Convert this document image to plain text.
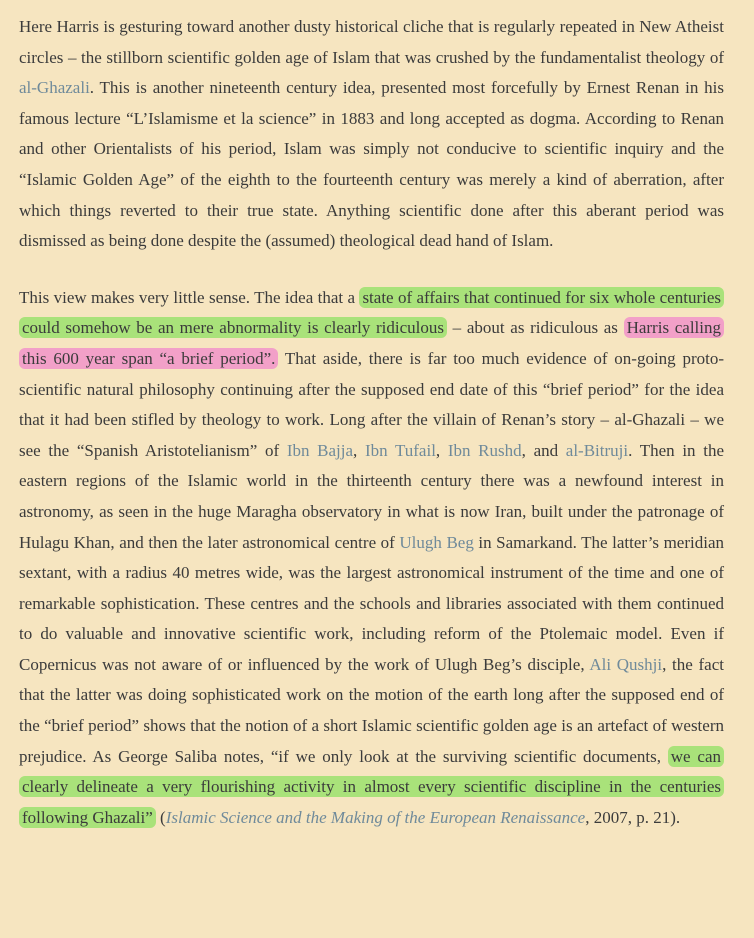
Here Harris is gesturing toward another dusty historical cliche that is regularly repeated in New Atheist circles – the stillborn scientific golden age of Islam that was crushed by the fundamentalist theology of al-Ghazali. This is another nineteenth century idea, presented most forcefully by Ernest Renan in his famous lecture “L’Islamisme et la science” in 1883 and long accepted as dogma. According to Renan and other Orientalists of his period, Islam was simply not conducive to scientific inquiry and the “Islamic Golden Age” of the eighth to the fourteenth century was merely a kind of aberration, after which things reverted to their true state. Anything scientific done after this aberant period was dismissed as being done despite the (assumed) theological dead hand of Islam.

This view makes very little sense. The idea that a state of affairs that continued for six whole centuries could somehow be an mere abnormality is clearly ridiculous – about as ridiculous as Harris calling this 600 year span “a brief period”. That aside, there is far too much evidence of on-going proto-scientific natural philosophy continuing after the supposed end date of this “brief period” for the idea that it had been stifled by theology to work. Long after the villain of Renan’s story – al-Ghazali – we see the “Spanish Aristotelianism” of Ibn Bajja, Ibn Tufail, Ibn Rushd, and al-Bitruji. Then in the eastern regions of the Islamic world in the thirteenth century there was a newfound interest in astronomy, as seen in the huge Maragha observatory in what is now Iran, built under the patronage of Hulagu Khan, and then the later astronomical centre of Ulugh Beg in Samarkand. The latter’s meridian sextant, with a radius 40 metres wide, was the largest astronomical instrument of the time and one of remarkable sophistication. These centres and the schools and libraries associated with them continued to do valuable and innovative scientific work, including reform of the Ptolemaic model. Even if Copernicus was not aware of or influenced by the work of Ulugh Beg’s disciple, Ali Qushji, the fact that the latter was doing sophisticated work on the motion of the earth long after the supposed end of the “brief period” shows that the notion of a short Islamic scientific golden age is an artefact of western prejudice. As George Saliba notes, “if we only look at the surviving scientific documents, we can clearly delineate a very flourishing activity in almost every scientific discipline in the centuries following Ghazali” (Islamic Science and the Making of the European Renaissance, 2007, p. 21).
